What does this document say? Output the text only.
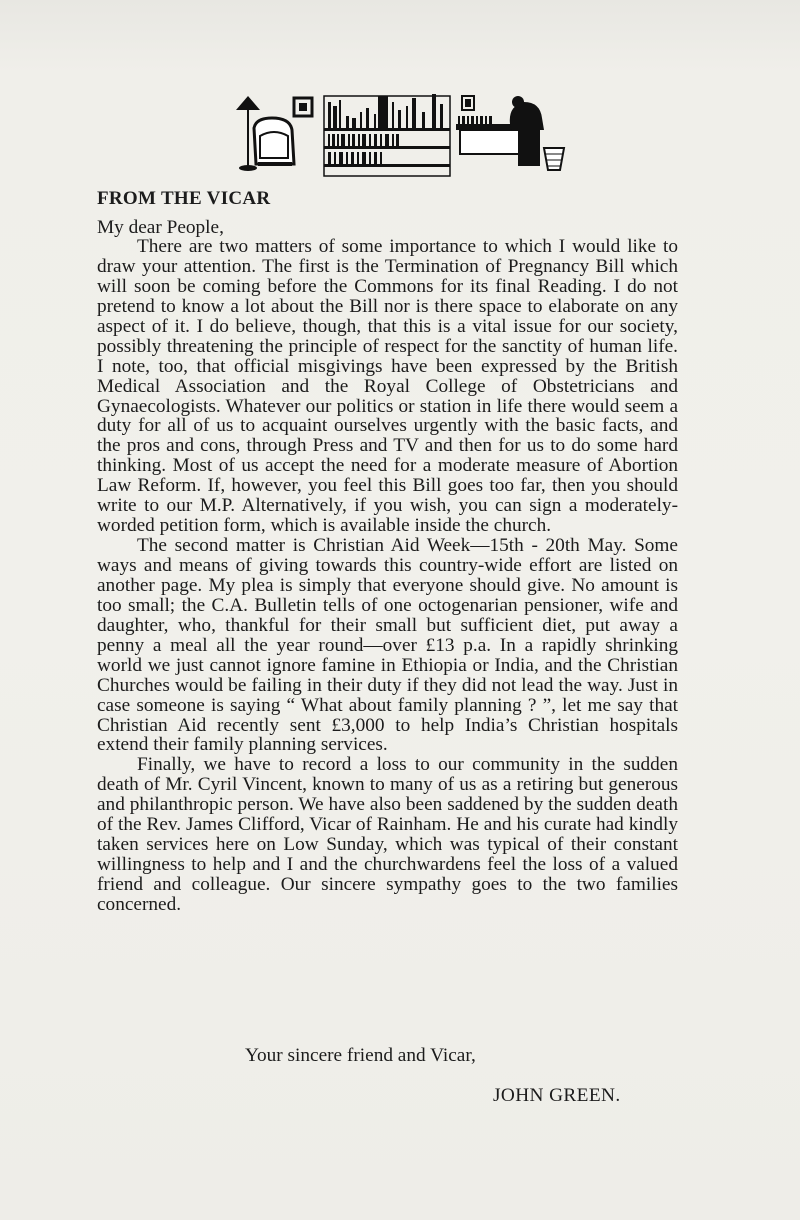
FROM THE VICAR

My dear People,

There are two matters of some importance to which I would like to draw your attention. The first is the Termination of Pregnancy Bill which will soon be coming before the Commons for its final Reading. I do not pretend to know a lot about the Bill nor is there space to elaborate on any aspect of it. I do believe, though, that this is a vital issue for our society, possibly threatening the principle of respect for the sanctity of human life. I note, too, that official misgivings have been expressed by the British Medical Association and the Royal College of Obstetricians and Gynaecologists. Whatever our politics or station in life there would seem a duty for all of us to acquaint ourselves urgently with the basic facts, and the pros and cons, through Press and TV and then for us to do some hard thinking. Most of us accept the need for a moderate measure of Abortion Law Reform. If, however, you feel this Bill goes too far, then you should write to our M.P. Alternatively, if you wish, you can sign a moderately-worded petition form, which is available inside the church.

The second matter is Christian Aid Week—15th - 20th May. Some ways and means of giving towards this country-wide effort are listed on another page. My plea is simply that everyone should give. No amount is too small; the C.A. Bulletin tells of one octogenarian pensioner, wife and daughter, who, thankful for their small but sufficient diet, put away a penny a meal all the year round—over £13 p.a. In a rapidly shrinking world we just cannot ignore famine in Ethiopia or India, and the Christian Churches would be failing in their duty if they did not lead the way. Just in case someone is saying “ What about family planning ? ”, let me say that Christian Aid recently sent £3,000 to help India’s Christian hospitals extend their family planning services.

Finally, we have to record a loss to our community in the sudden death of Mr. Cyril Vincent, known to many of us as a retiring but generous and philanthropic person. We have also been saddened by the sudden death of the Rev. James Clifford, Vicar of Rainham. He and his curate had kindly taken services here on Low Sunday, which was typical of their constant willingness to help and I and the churchwardens feel the loss of a valued friend and colleague. Our sincere sympathy goes to the two families concerned.

Your sincere friend and Vicar,

JOHN GREEN.
